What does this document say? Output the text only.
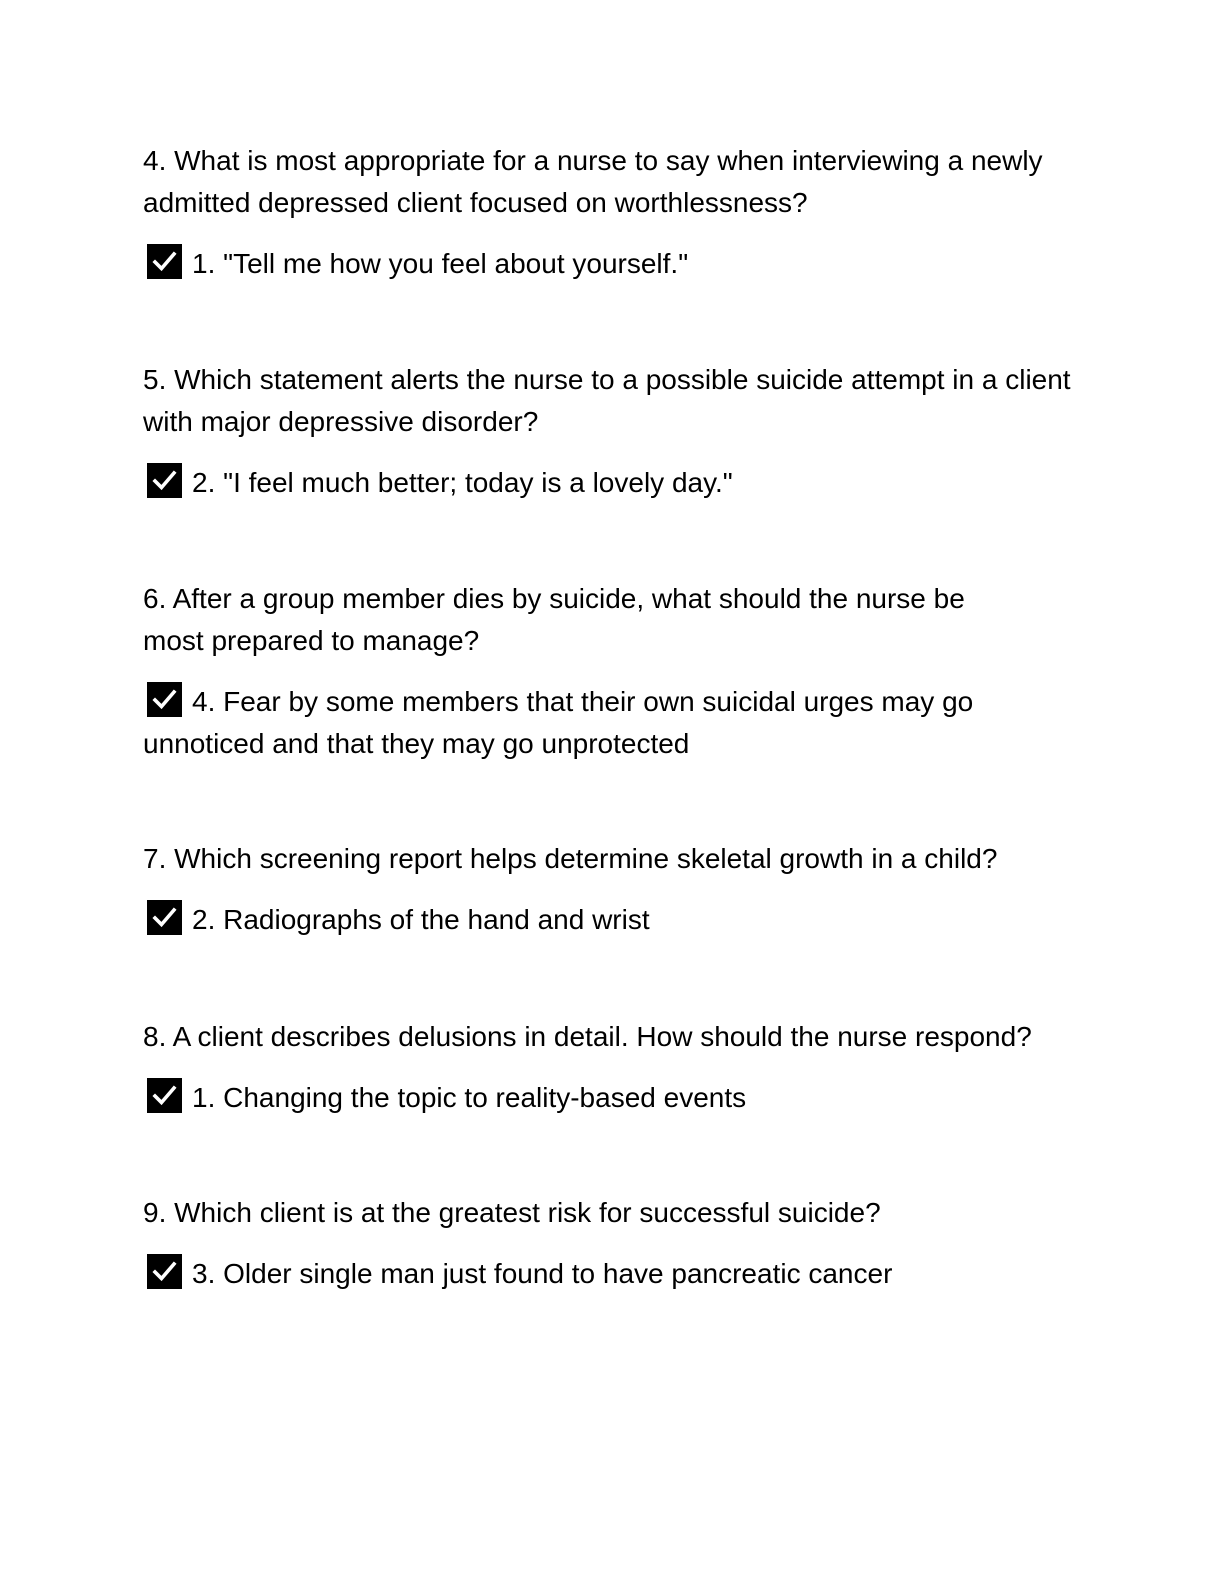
4. What is most appropriate for a nurse to say when interviewing a newly admitted depressed client focused on worthlessness?

1. "Tell me how you feel about yourself."

5. Which statement alerts the nurse to a possible suicide attempt in a client with major depressive disorder?

2. "I feel much better; today is a lovely day."

6. After a group member dies by suicide, what should the nurse be most prepared to manage?

4. Fear by some members that their own suicidal urges may go unnoticed and that they may go unprotected

7. Which screening report helps determine skeletal growth in a child?

2. Radiographs of the hand and wrist

8. A client describes delusions in detail. How should the nurse respond?

1. Changing the topic to reality-based events

9. Which client is at the greatest risk for successful suicide?

3. Older single man just found to have pancreatic cancer
